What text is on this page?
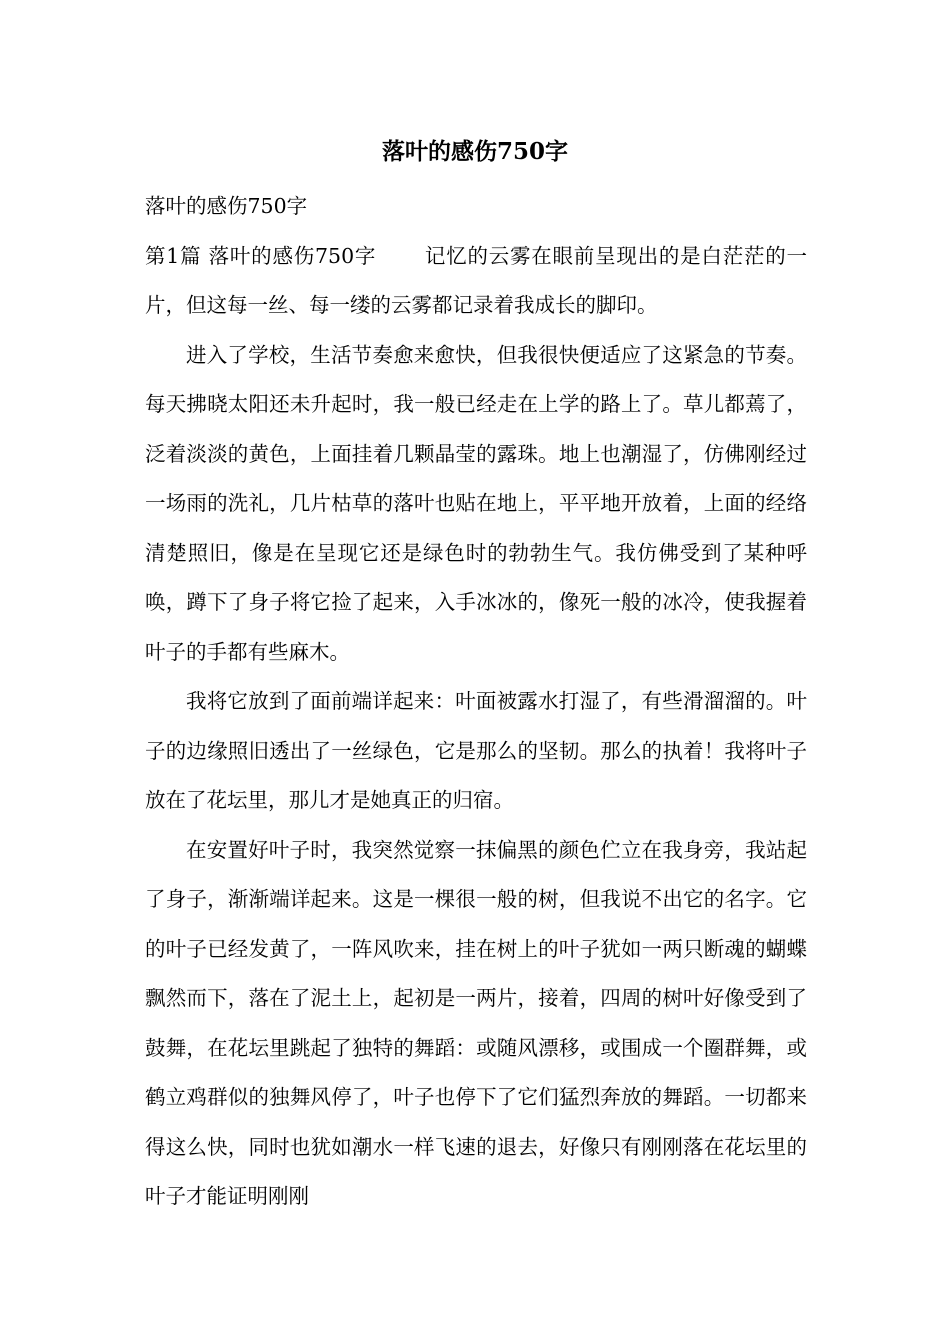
落叶的感伤750字

落叶的感伤750字

第1篇 落叶的感伤750字 记忆的云雾在眼前呈现出的是白茫茫的一片，但这每一丝、每一缕的云雾都记录着我成长的脚印。

进入了学校，生活节奏愈来愈快，但我很快便适应了这紧急的节奏。每天拂晓太阳还未升起时，我一般已经走在上学的路上了。草儿都蔫了，泛着淡淡的黄色，上面挂着几颗晶莹的露珠。地上也潮湿了，仿佛刚经过一场雨的洗礼，几片枯草的落叶也贴在地上，平平地开放着，上面的经络清楚照旧，像是在呈现它还是绿色时的勃勃生气。我仿佛受到了某种呼唤，蹲下了身子将它捡了起来，入手冰冰的，像死一般的冰冷，使我握着叶子的手都有些麻木。

我将它放到了面前端详起来：叶面被露水打湿了，有些滑溜溜的。叶子的边缘照旧透出了一丝绿色，它是那么的坚韧。那么的执着！我将叶子放在了花坛里，那儿才是她真正的归宿。

在安置好叶子时，我突然觉察一抹偏黑的颜色伫立在我身旁，我站起了身子，渐渐端详起来。这是一棵很一般的树，但我说不出它的名字。它的叶子已经发黄了，一阵风吹来，挂在树上的叶子犹如一两只断魂的蝴蝶飘然而下，落在了泥土上，起初是一两片，接着，四周的树叶好像受到了鼓舞，在花坛里跳起了独特的舞蹈：或随风漂移，或围成一个圈群舞，或鹤立鸡群似的独舞风停了，叶子也停下了它们猛烈奔放的舞蹈。一切都来得这么快，同时也犹如潮水一样飞速的退去，好像只有刚刚落在花坛里的叶子才能证明刚刚
